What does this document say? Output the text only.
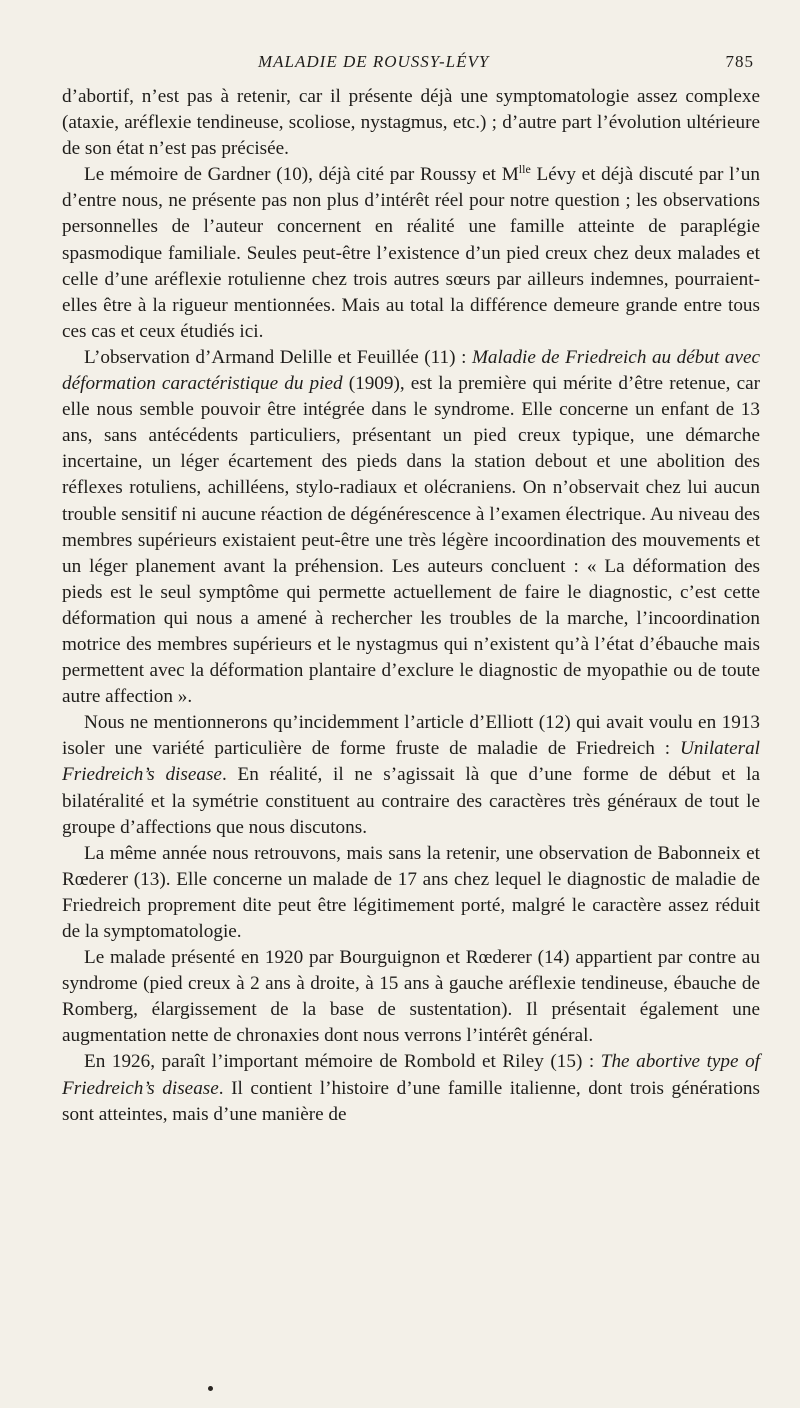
MALADIE DE ROUSSY-LÉVY	785

d’abortif, n’est pas à retenir, car il présente déjà une symptomatologie assez complexe (ataxie, aréflexie tendineuse, scoliose, nystagmus, etc.) ; d’autre part l’évolution ultérieure de son état n’est pas précisée.

Le mémoire de Gardner (10), déjà cité par Roussy et $M^{lle}$ Lévy et déjà discuté par l’un d’entre nous, ne présente pas non plus d’intérêt réel pour notre question ; les observations personnelles de l’auteur concernent en réalité une famille atteinte de paraplégie spasmodique familiale. Seules peut-être l’existence d’un pied creux chez deux malades et celle d’une aréflexie rotulienne chez trois autres sœurs par ailleurs indemnes, pourraient-elles être à la rigueur mentionnées. Mais au total la différence demeure grande entre tous ces cas et ceux étudiés ici.

L’observation d’Armand Delille et Feuillée (11) : Maladie de Friedreich au début avec déformation caractéristique du pied (1909), est la première qui mérite d’être retenue, car elle nous semble pouvoir être intégrée dans le syndrome. Elle concerne un enfant de 13 ans, sans antécédents particuliers, présentant un pied creux typique, une démarche incertaine, un léger écartement des pieds dans la station debout et une abolition des réflexes rotuliens, achilléens, stylo-radiaux et olécraniens. On n’observait chez lui aucun trouble sensitif ni aucune réaction de dégénérescence à l’examen électrique. Au niveau des membres supérieurs existaient peut-être une très légère incoordination des mouvements et un léger planement avant la préhension. Les auteurs concluent : « La déformation des pieds est le seul symptôme qui permette actuellement de faire le diagnostic, c’est cette déformation qui nous a amené à rechercher les troubles de la marche, l’incoordination motrice des membres supérieurs et le nystagmus qui n’existent qu’à l’état d’ébauche mais permettent avec la déformation plantaire d’exclure le diagnostic de myopathie ou de toute autre affection ».

Nous ne mentionnerons qu’incidemment l’article d’Elliott (12) qui avait voulu en 1913 isoler une variété particulière de forme fruste de maladie de Friedreich : Unilateral Friedreich’s disease. En réalité, il ne s’agissait là que d’une forme de début et la bilatéralité et la symétrie constituent au contraire des caractères très généraux de tout le groupe d’affections que nous discutons.

La même année nous retrouvons, mais sans la retenir, une observation de Babonneix et Rœderer (13). Elle concerne un malade de 17 ans chez lequel le diagnostic de maladie de Friedreich proprement dite peut être légitimement porté, malgré le caractère assez réduit de la symptomatologie.

Le malade présenté en 1920 par Bourguignon et Rœderer (14) appartient par contre au syndrome (pied creux à 2 ans à droite, à 15 ans à gauche aréflexie tendineuse, ébauche de Romberg, élargissement de la base de sustentation). Il présentait également une augmentation nette de chronaxies dont nous verrons l’intérêt général.

En 1926, paraît l’important mémoire de Rombold et Riley (15) : The abortive type of Friedreich’s disease. Il contient l’histoire d’une famille italienne, dont trois générations sont atteintes, mais d’une manière de
